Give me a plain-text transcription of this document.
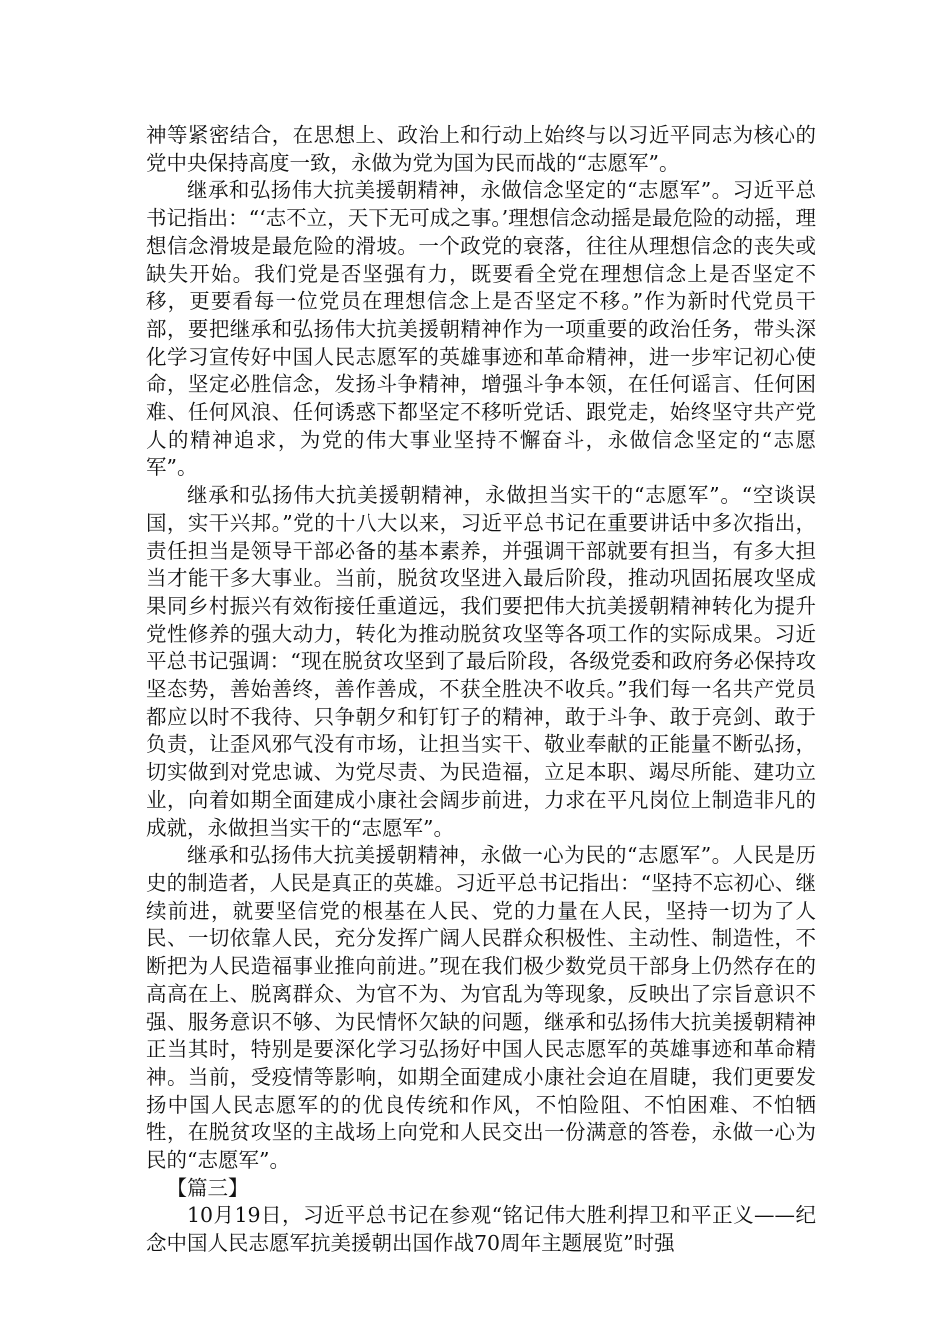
神等紧密结合，在思想上、政治上和行动上始终与以习近平同志为核心的党中央保持高度一致，永做为党为国为民而战的“志愿军”。

继承和弘扬伟大抗美援朝精神，永做信念坚定的“志愿军”。习近平总书记指出：“‘志不立，天下无可成之事。’理想信念动摇是最危险的动摇，理想信念滑坡是最危险的滑坡。一个政党的衰落，往往从理想信念的丧失或缺失开始。我们党是否坚强有力，既要看全党在理想信念上是否坚定不移，更要看每一位党员在理想信念上是否坚定不移。”作为新时代党员干部，要把继承和弘扬伟大抗美援朝精神作为一项重要的政治任务，带头深化学习宣传好中国人民志愿军的英雄事迹和革命精神，进一步牢记初心使命，坚定必胜信念，发扬斗争精神，增强斗争本领，在任何谣言、任何困难、任何风浪、任何诱惑下都坚定不移听党话、跟党走，始终坚守共产党人的精神追求，为党的伟大事业坚持不懈奋斗，永做信念坚定的“志愿军”。

继承和弘扬伟大抗美援朝精神，永做担当实干的“志愿军”。“空谈误国，实干兴邦。”党的十八大以来，习近平总书记在重要讲话中多次指出，责任担当是领导干部必备的基本素养，并强调干部就要有担当，有多大担当才能干多大事业。当前，脱贫攻坚进入最后阶段，推动巩固拓展攻坚成果同乡村振兴有效衔接任重道远，我们要把伟大抗美援朝精神转化为提升党性修养的强大动力，转化为推动脱贫攻坚等各项工作的实际成果。习近平总书记强调：“现在脱贫攻坚到了最后阶段，各级党委和政府务必保持攻坚态势，善始善终，善作善成，不获全胜决不收兵。”我们每一名共产党员都应以时不我待、只争朝夕和钉钉子的精神，敢于斗争、敢于亮剑、敢于负责，让歪风邪气没有市场，让担当实干、敬业奉献的正能量不断弘扬，切实做到对党忠诚、为党尽责、为民造福，立足本职、竭尽所能、建功立业，向着如期全面建成小康社会阔步前进，力求在平凡岗位上制造非凡的成就，永做担当实干的“志愿军”。

继承和弘扬伟大抗美援朝精神，永做一心为民的“志愿军”。人民是历史的制造者，人民是真正的英雄。习近平总书记指出：“坚持不忘初心、继续前进，就要坚信党的根基在人民、党的力量在人民，坚持一切为了人民、一切依靠人民，充分发挥广阔人民群众积极性、主动性、制造性，不断把为人民造福事业推向前进。”现在我们极少数党员干部身上仍然存在的高高在上、脱离群众、为官不为、为官乱为等现象，反映出了宗旨意识不强、服务意识不够、为民情怀欠缺的问题，继承和弘扬伟大抗美援朝精神正当其时，特别是要深化学习弘扬好中国人民志愿军的英雄事迹和革命精神。当前，受疫情等影响，如期全面建成小康社会迫在眉睫，我们更要发扬中国人民志愿军的的优良传统和作风，不怕险阻、不怕困难、不怕牺牲，在脱贫攻坚的主战场上向党和人民交出一份满意的答卷，永做一心为民的“志愿军”。

【篇三】

10月19日，习近平总书记在参观“铭记伟大胜利捍卫和平正义——纪念中国人民志愿军抗美援朝出国作战70周年主题展览”时强
